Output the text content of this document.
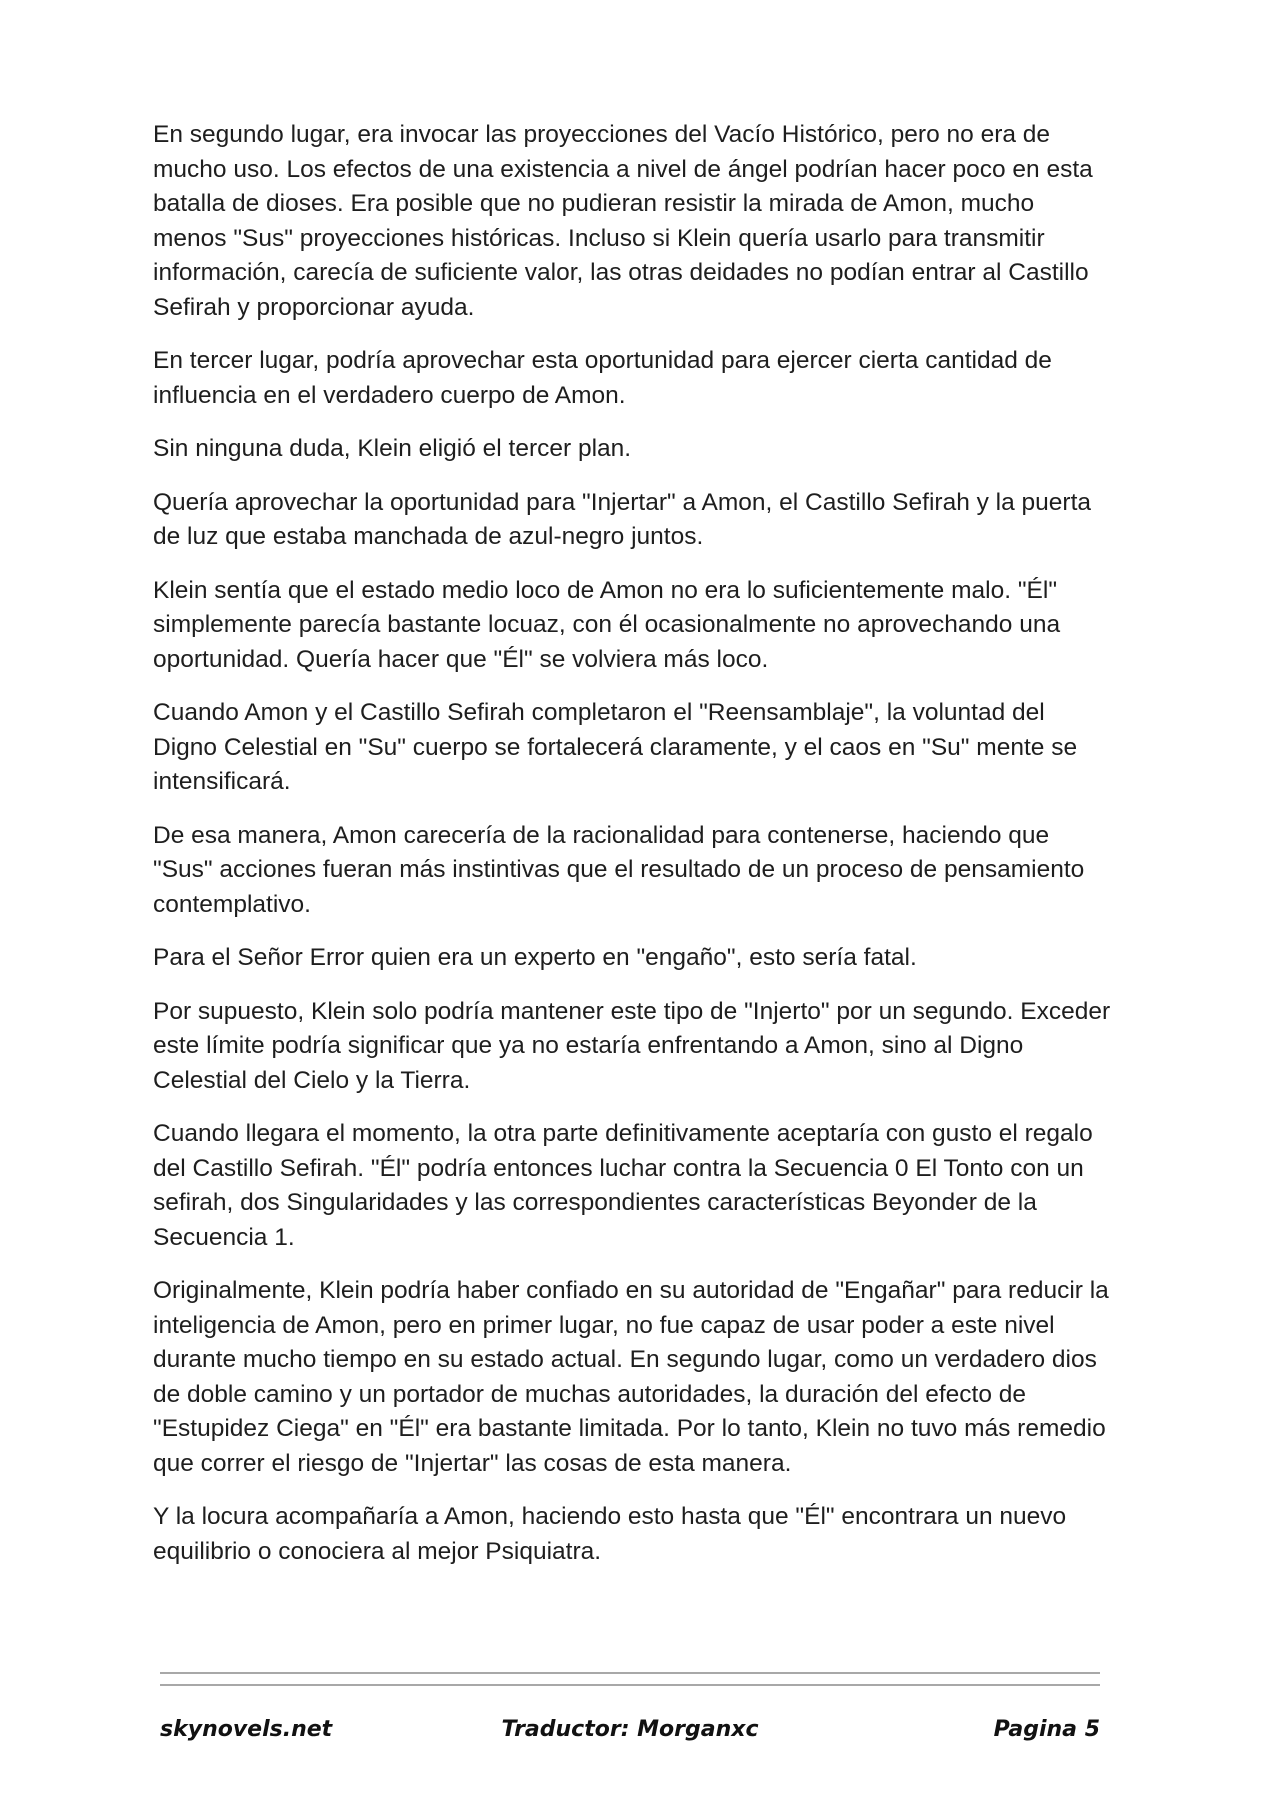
En segundo lugar, era invocar las proyecciones del Vacío Histórico, pero no era de mucho uso. Los efectos de una existencia a nivel de ángel podrían hacer poco en esta batalla de dioses. Era posible que no pudieran resistir la mirada de Amon, mucho menos "Sus" proyecciones históricas. Incluso si Klein quería usarlo para transmitir información, carecía de suficiente valor, las otras deidades no podían entrar al Castillo Sefirah y proporcionar ayuda.

En tercer lugar, podría aprovechar esta oportunidad para ejercer cierta cantidad de influencia en el verdadero cuerpo de Amon.

Sin ninguna duda, Klein eligió el tercer plan.

Quería aprovechar la oportunidad para "Injertar" a Amon, el Castillo Sefirah y la puerta de luz que estaba manchada de azul-negro juntos.

Klein sentía que el estado medio loco de Amon no era lo suficientemente malo. "Él" simplemente parecía bastante locuaz, con él ocasionalmente no aprovechando una oportunidad. Quería hacer que "Él" se volviera más loco.

Cuando Amon y el Castillo Sefirah completaron el "Reensamblaje", la voluntad del Digno Celestial en "Su" cuerpo se fortalecerá claramente, y el caos en "Su" mente se intensificará.

De esa manera, Amon carecería de la racionalidad para contenerse, haciendo que "Sus" acciones fueran más instintivas que el resultado de un proceso de pensamiento contemplativo.

Para el Señor Error quien era un experto en "engaño", esto sería fatal.

Por supuesto, Klein solo podría mantener este tipo de "Injerto" por un segundo. Exceder este límite podría significar que ya no estaría enfrentando a Amon, sino al Digno Celestial del Cielo y la Tierra.

Cuando llegara el momento, la otra parte definitivamente aceptaría con gusto el regalo del Castillo Sefirah. "Él" podría entonces luchar contra la Secuencia 0 El Tonto con un sefirah, dos Singularidades y las correspondientes características Beyonder de la Secuencia 1.

Originalmente, Klein podría haber confiado en su autoridad de "Engañar" para reducir la inteligencia de Amon, pero en primer lugar, no fue capaz de usar poder a este nivel durante mucho tiempo en su estado actual. En segundo lugar, como un verdadero dios de doble camino y un portador de muchas autoridades, la duración del efecto de "Estupidez Ciega" en "Él" era bastante limitada. Por lo tanto, Klein no tuvo más remedio que correr el riesgo de "Injertar" las cosas de esta manera.

Y la locura acompañaría a Amon, haciendo esto hasta que "Él" encontrara un nuevo equilibrio o conociera al mejor Psiquiatra.

skynovels.net	Traductor: Morganxc	Pagina 5
